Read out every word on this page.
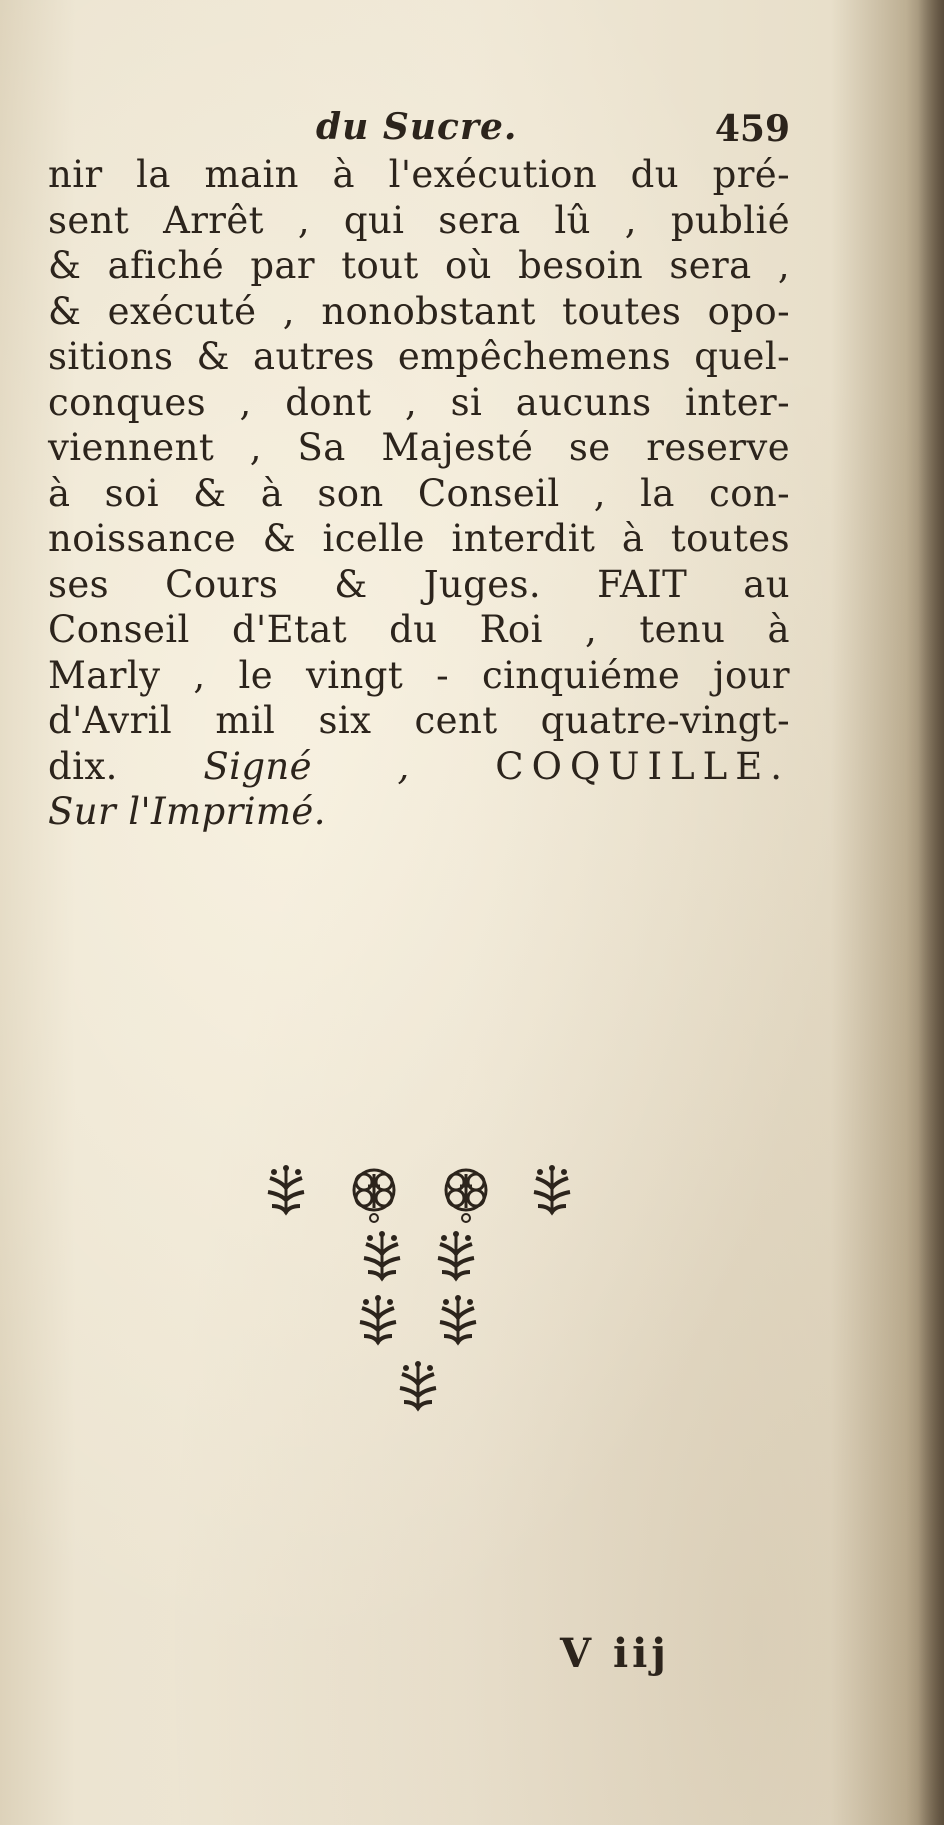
du Sucre.	459
nir la main à l'exécution du pré-
sent Arrêt , qui sera lû , publié
& afiché par tout où besoin sera ,
& exécuté , nonobstant toutes opo-
sitions & autres empêchemens quel-
conques , dont , si aucuns inter-
viennent , Sa Majesté se reserve
à soi & à son Conseil , la con-
noissance & icelle interdit à toutes
ses Cours & Juges. FAIT au
Conseil d'Etat du Roi , tenu à
Marly , le vingt - cinquiéme jour
d'Avril mil six cent quatre-vingt-
dix. Signé , COQUILLE.
Sur l'Imprimé.
V iij
